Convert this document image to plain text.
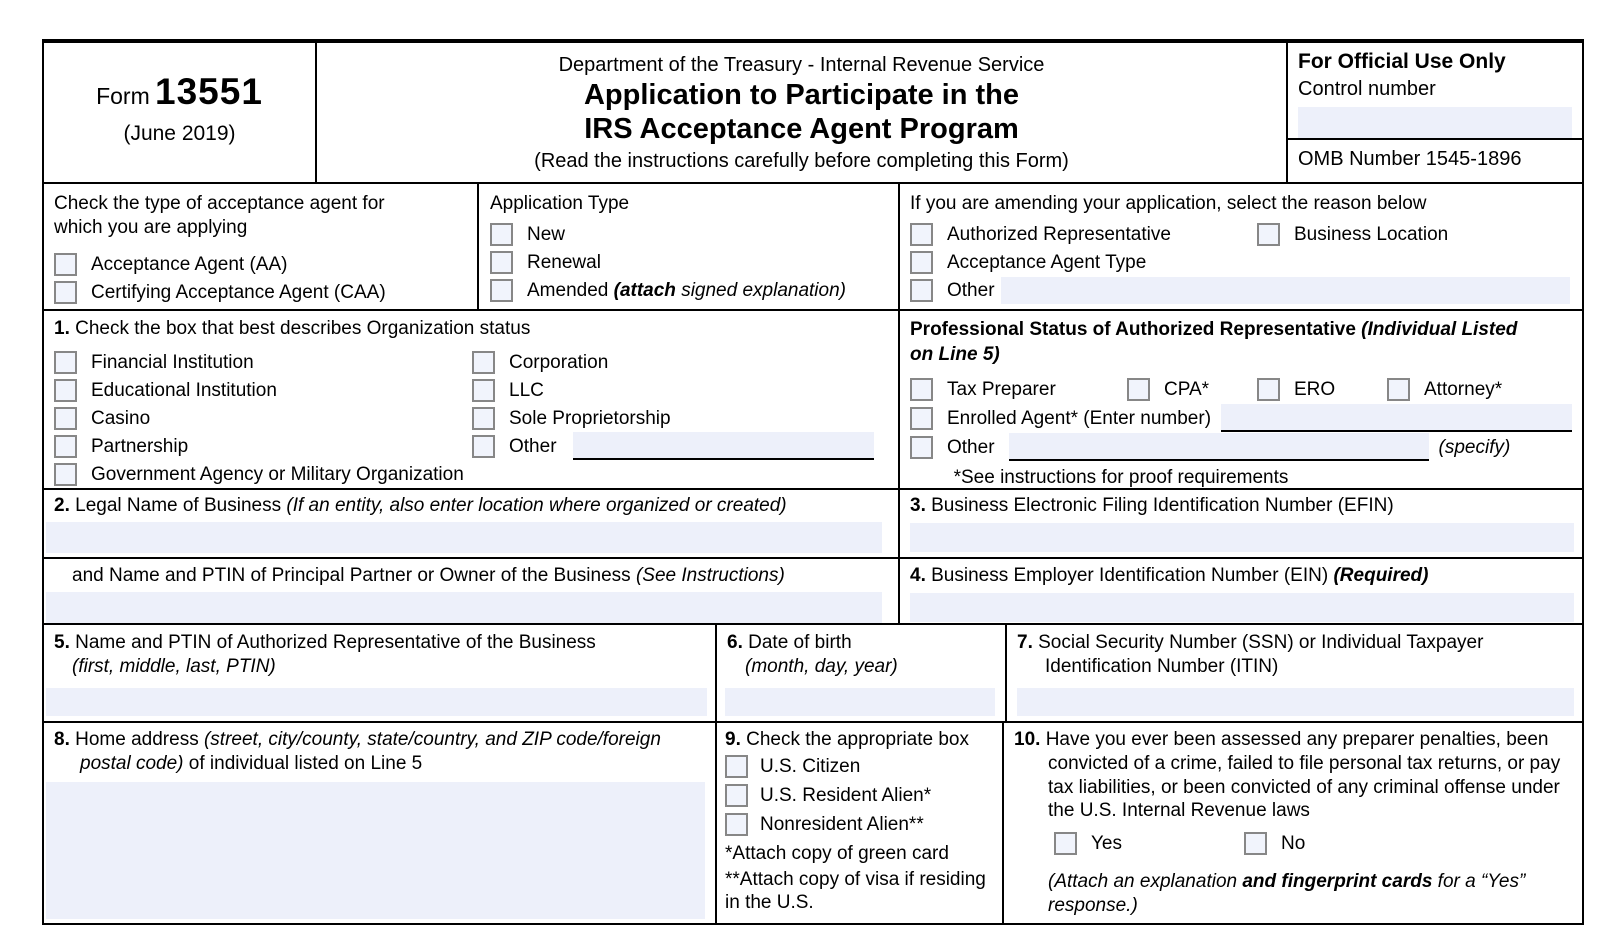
Form 13551
(June 2019)
Department of the Treasury - Internal Revenue Service
Application to Participate in the
IRS Acceptance Agent Program
(Read the instructions carefully before completing this Form)
For Official Use Only
Control number
OMB Number 1545-1896
Check the type of acceptance agent for which you are applying
Acceptance Agent (AA)
Certifying Acceptance Agent (CAA)
Application Type
New
Renewal
Amended (attach signed explanation)
If you are amending your application, select the reason below
Authorized Representative	Business Location
Acceptance Agent Type
Other
1. Check the box that best describes Organization status
Financial Institution
Educational Institution
Casino
Partnership
Government Agency or Military Organization
Corporation
LLC
Sole Proprietorship
Other
Professional Status of Authorized Representative (Individual Listed on Line 5)
Tax Preparer	CPA*	ERO	Attorney*
Enrolled Agent* (Enter number)
Other	(specify)
*See instructions for proof requirements
2. Legal Name of Business (If an entity, also enter location where organized or created)	3. Business Electronic Filing Identification Number (EFIN)
and Name and PTIN of Principal Partner or Owner of the Business (See Instructions)	4. Business Employer Identification Number (EIN) (Required)
5. Name and PTIN of Authorized Representative of the Business
(first, middle, last, PTIN)
6. Date of birth
(month, day, year)
7. Social Security Number (SSN) or Individual Taxpayer Identification Number (ITIN)
8. Home address (street, city/county, state/country, and ZIP code/foreign postal code) of individual listed on Line 5
9. Check the appropriate box
U.S. Citizen
U.S. Resident Alien*
Nonresident Alien**
*Attach copy of green card
**Attach copy of visa if residing in the U.S.
10. Have you ever been assessed any preparer penalties, been convicted of a crime, failed to file personal tax returns, or pay tax liabilities, or been convicted of any criminal offense under the U.S. Internal Revenue laws
Yes	No
(Attach an explanation and fingerprint cards for a “Yes” response.)
